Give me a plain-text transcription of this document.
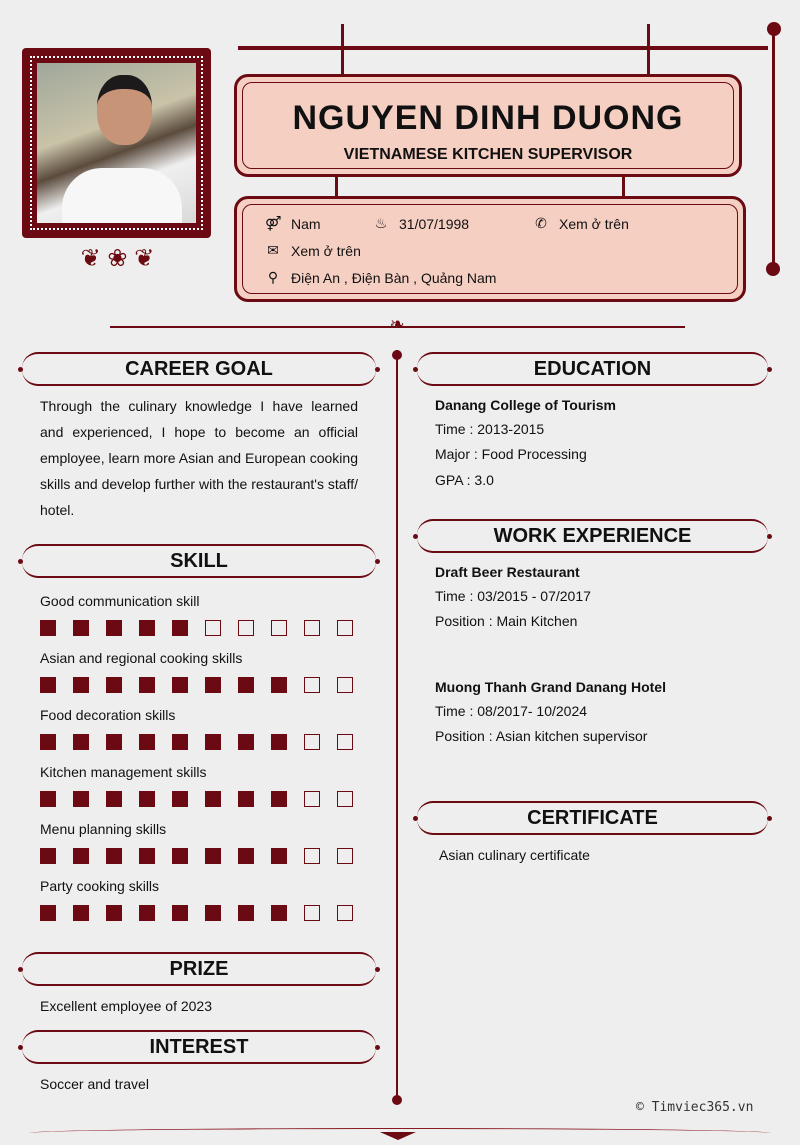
❦ ❀ ❦
NGUYEN DINH DUONG
VIETNAMESE KITCHEN SUPERVISOR
⚤ Nam	♨ 31/07/1998	✆ Xem ở trên
✉ Xem ở trên
⚲ Điện An , Điện Bàn , Quảng Nam
❧
CAREER GOAL
Through the culinary knowledge I have learned and experienced, I hope to become an official employee, learn more Asian and European cooking skills and develop further with the restaurant's staff/ hotel.
SKILL
Good communication skill
Asian and regional cooking skills
Food decoration skills
Kitchen management skills
Menu planning skills
Party cooking skills
PRIZE
Excellent employee of 2023
INTEREST
Soccer and travel
EDUCATION
Danang College of Tourism
Time : 2013-2015
Major : Food Processing
GPA : 3.0
WORK EXPERIENCE
Draft Beer Restaurant
Time : 03/2015 - 07/2017
Position : Main Kitchen
Muong Thanh Grand Danang Hotel
Time : 08/2017- 10/2024
Position : Asian kitchen supervisor
CERTIFICATE
Asian culinary certificate
© Timviec365.vn
